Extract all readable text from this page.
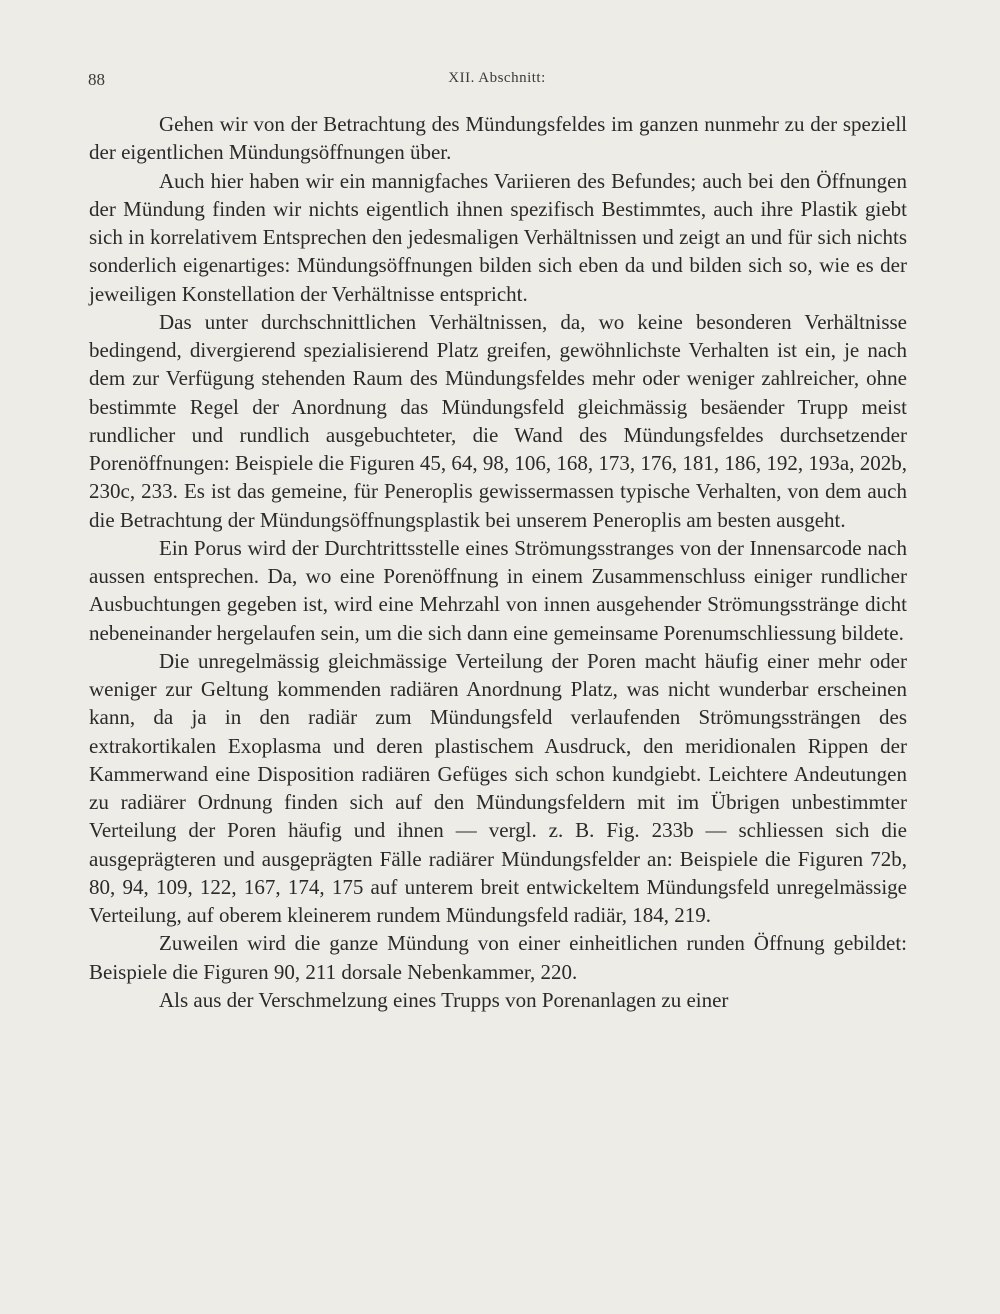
88	XII. Abschnitt:

Gehen wir von der Betrachtung des Mündungsfeldes im ganzen nunmehr zu der speziell der eigentlichen Mündungsöffnungen über.

Auch hier haben wir ein mannigfaches Variieren des Befundes; auch bei den Öffnungen der Mündung finden wir nichts eigentlich ihnen spezifisch Bestimmtes, auch ihre Plastik giebt sich in korrelativem Entsprechen den jedesmaligen Verhältnissen und zeigt an und für sich nichts sonderlich eigenartiges: Mündungsöffnungen bilden sich eben da und bilden sich so, wie es der jeweiligen Konstellation der Verhältnisse entspricht.

Das unter durchschnittlichen Verhältnissen, da, wo keine besonderen Verhältnisse bedingend, divergierend spezialisierend Platz greifen, gewöhnlichste Verhalten ist ein, je nach dem zur Verfügung stehenden Raum des Mündungsfeldes mehr oder weniger zahlreicher, ohne bestimmte Regel der Anordnung das Mündungsfeld gleichmässig besäender Trupp meist rundlicher und rundlich ausgebuchteter, die Wand des Mündungsfeldes durchsetzender Porenöffnungen: Beispiele die Figuren 45, 64, 98, 106, 168, 173, 176, 181, 186, 192, 193a, 202b, 230c, 233. Es ist das gemeine, für Peneroplis gewissermassen typische Verhalten, von dem auch die Betrachtung der Mündungsöffnungsplastik bei unserem Peneroplis am besten ausgeht.

Ein Porus wird der Durchtrittsstelle eines Strömungsstranges von der Innensarcode nach aussen entsprechen. Da, wo eine Porenöffnung in einem Zusammenschluss einiger rundlicher Ausbuchtungen gegeben ist, wird eine Mehrzahl von innen ausgehender Strömungsstränge dicht nebeneinander hergelaufen sein, um die sich dann eine gemeinsame Porenumschliessung bildete.

Die unregelmässig gleichmässige Verteilung der Poren macht häufig einer mehr oder weniger zur Geltung kommenden radiären Anordnung Platz, was nicht wunderbar erscheinen kann, da ja in den radiär zum Mündungsfeld verlaufenden Strömungssträngen des extrakortikalen Exoplasma und deren plastischem Ausdruck, den meridionalen Rippen der Kammerwand eine Disposition radiären Gefüges sich schon kundgiebt. Leichtere Andeutungen zu radiärer Ordnung finden sich auf den Mündungsfeldern mit im Übrigen unbestimmter Verteilung der Poren häufig und ihnen — vergl. z. B. Fig. 233b — schliessen sich die ausgeprägteren und ausgeprägten Fälle radiärer Mündungsfelder an: Beispiele die Figuren 72b, 80, 94, 109, 122, 167, 174, 175 auf unterem breit entwickeltem Mündungsfeld unregelmässige Verteilung, auf oberem kleinerem rundem Mündungsfeld radiär, 184, 219.

Zuweilen wird die ganze Mündung von einer einheitlichen runden Öffnung gebildet: Beispiele die Figuren 90, 211 dorsale Nebenkammer, 220.

Als aus der Verschmelzung eines Trupps von Porenanlagen zu einer
